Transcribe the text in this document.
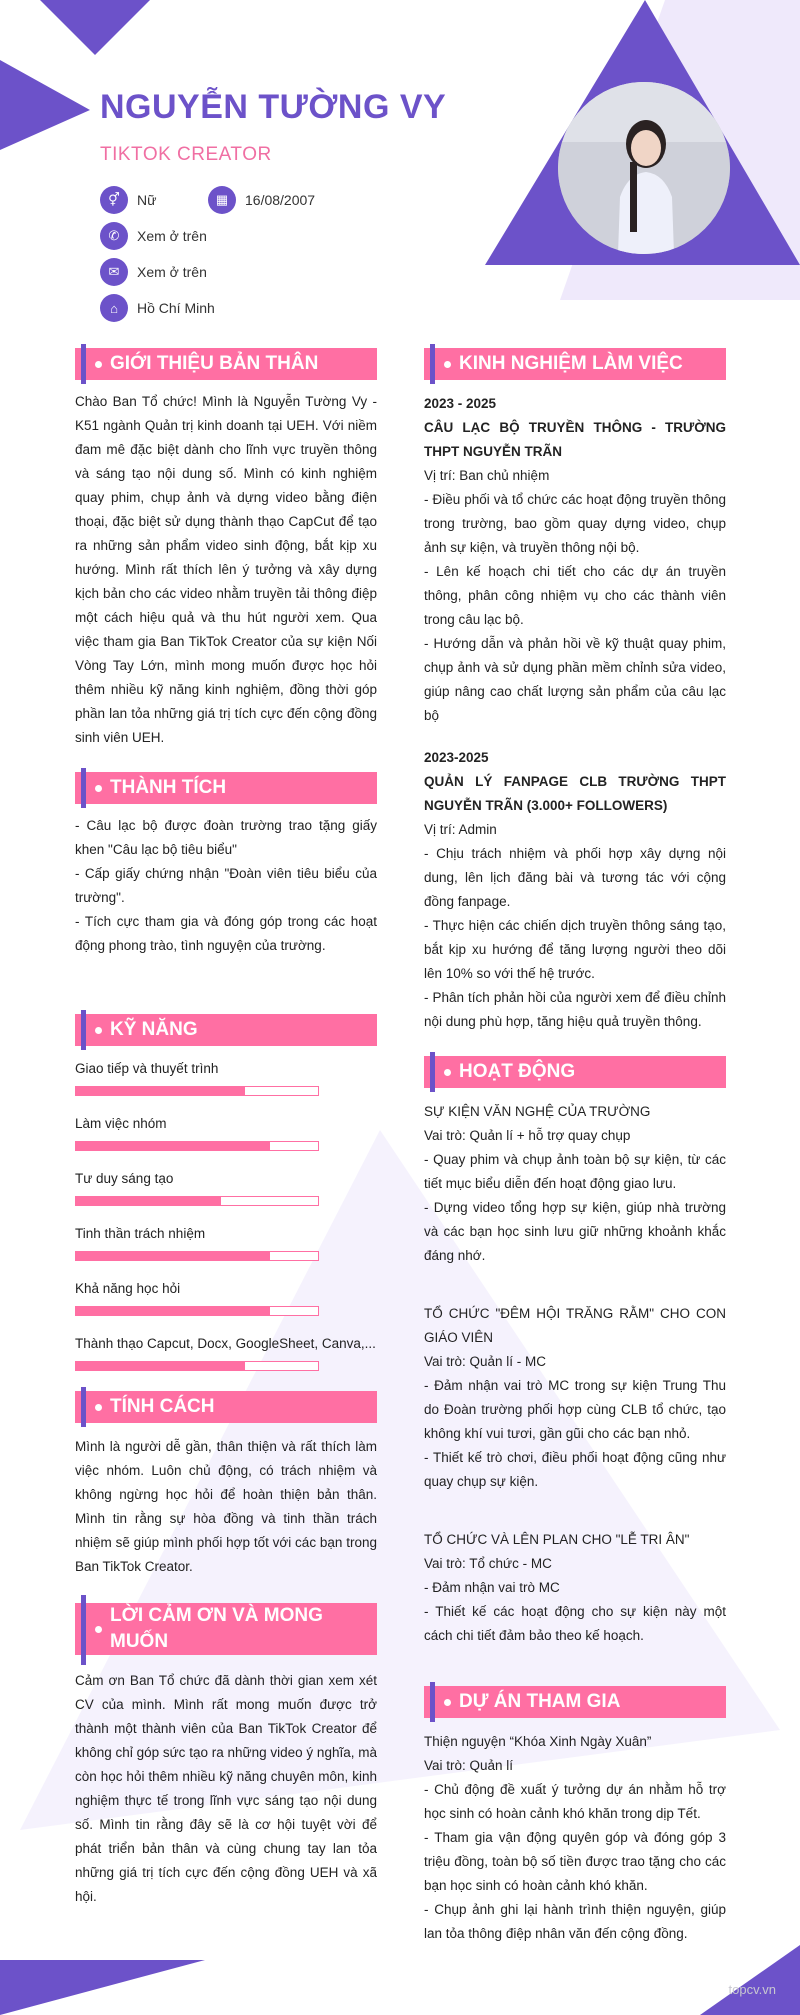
NGUYỄN TƯỜNG VY
TIKTOK CREATOR
⚥	Nữ	▦	16/08/2007
✆	Xem ở trên
✉	Xem ở trên
⌂	Hồ Chí Minh
GIỚI THIỆU BẢN THÂN
Chào Ban Tổ chức! Mình là Nguyễn Tường Vy - K51 ngành Quản trị kinh doanh tại UEH. Với niềm đam mê đặc biệt dành cho lĩnh vực truyền thông và sáng tạo nội dung số. Mình có kinh nghiệm quay phim, chụp ảnh và dựng video bằng điện thoại, đặc biệt sử dụng thành thạo CapCut để tạo ra những sản phẩm video sinh động, bắt kịp xu hướng. Mình rất thích lên ý tưởng và xây dựng kịch bản cho các video nhằm truyền tải thông điệp một cách hiệu quả và thu hút người xem. Qua việc tham gia Ban TikTok Creator của sự kiện Nối Vòng Tay Lớn, mình mong muốn được học hỏi thêm nhiều kỹ năng kinh nghiệm, đồng thời góp phần lan tỏa những giá trị tích cực đến cộng đồng sinh viên UEH.
THÀNH TÍCH

- Câu lạc bộ được đoàn trường trao tặng giấy khen "Câu lạc bộ tiêu biểu"

- Cấp giấy chứng nhận "Đoàn viên tiêu biểu của trường".

- Tích cực tham gia và đóng góp trong các hoạt động phong trào, tình nguyện của trường.

KỸ NĂNG
Giao tiếp và thuyết trình
Làm việc nhóm
Tư duy sáng tạo
Tinh thần trách nhiệm
Khả năng học hỏi
Thành thạo Capcut, Docx, GoogleSheet, Canva,...
TÍNH CÁCH
Mình là người dễ gần, thân thiện và rất thích làm việc nhóm. Luôn chủ động, có trách nhiệm và không ngừng học hỏi để hoàn thiện bản thân. Mình tin rằng sự hòa đồng và tinh thần trách nhiệm sẽ giúp mình phối hợp tốt với các bạn trong Ban TikTok Creator.
LỜI CẢM ƠN VÀ MONG MUỐN
Cảm ơn Ban Tổ chức đã dành thời gian xem xét CV của mình. Mình rất mong muốn được trở thành một thành viên của Ban TikTok Creator để không chỉ góp sức tạo ra những video ý nghĩa, mà còn học hỏi thêm nhiều kỹ năng chuyên môn, kinh nghiệm thực tế trong lĩnh vực sáng tạo nội dung số. Mình tin rằng đây sẽ là cơ hội tuyệt vời để phát triển bản thân và cùng chung tay lan tỏa những giá trị tích cực đến cộng đồng UEH và xã hội.
KINH NGHIỆM LÀM VIỆC

2023 - 2025

CÂU LẠC BỘ TRUYỀN THÔNG - TRƯỜNG THPT NGUYỄN TRÃN

Vị trí: Ban chủ nhiệm

- Điều phối và tổ chức các hoạt động truyền thông trong trường, bao gồm quay dựng video, chụp ảnh sự kiện, và truyền thông nội bộ.

- Lên kế hoạch chi tiết cho các dự án truyền thông, phân công nhiệm vụ cho các thành viên trong câu lạc bộ.

- Hướng dẫn và phản hồi về kỹ thuật quay phim, chụp ảnh và sử dụng phần mềm chỉnh sửa video, giúp nâng cao chất lượng sản phẩm của câu lạc bộ

2023-2025

QUẢN LÝ FANPAGE CLB TRƯỜNG THPT NGUYỄN TRÃN (3.000+ FOLLOWERS)

Vị trí: Admin

- Chịu trách nhiệm và phối hợp xây dựng nội dung, lên lịch đăng bài và tương tác với cộng đồng fanpage.

- Thực hiện các chiến dịch truyền thông sáng tạo, bắt kịp xu hướng để tăng lượng người theo dõi lên 10% so với thế hệ trước.

- Phân tích phản hồi của người xem để điều chỉnh nội dung phù hợp, tăng hiệu quả truyền thông.

HOẠT ĐỘNG

SỰ KIỆN VĂN NGHỆ CỦA TRƯỜNG

Vai trò: Quản lí + hỗ trợ quay chụp

- Quay phim và chụp ảnh toàn bộ sự kiện, từ các tiết mục biểu diễn đến hoạt động giao lưu.

- Dựng video tổng hợp sự kiện, giúp nhà trường và các bạn học sinh lưu giữ những khoảnh khắc đáng nhớ.

TỔ CHỨC "ĐÊM HỘI TRĂNG RẰM" CHO CON GIÁO VIÊN

Vai trò: Quản lí - MC

- Đảm nhận vai trò MC trong sự kiện Trung Thu do Đoàn trường phối hợp cùng CLB tổ chức, tạo không khí vui tươi, gần gũi cho các bạn nhỏ.

- Thiết kế trò chơi, điều phối hoạt động cũng như quay chụp sự kiện.

TỔ CHỨC VÀ LÊN PLAN CHO "LỄ TRI ÂN"

Vai trò: Tổ chức - MC

- Đảm nhận vai trò MC

- Thiết kế các hoạt động cho sự kiện này một cách chi tiết đảm bảo theo kế hoạch.

DỰ ÁN THAM GIA

Thiện nguyện “Khóa Xinh Ngày Xuân”

Vai trò: Quản lí

- Chủ động đề xuất ý tưởng dự án nhằm hỗ trợ học sinh có hoàn cảnh khó khăn trong dịp Tết.

- Tham gia vận động quyên góp và đóng góp 3 triệu đồng, toàn bộ số tiền được trao tặng cho các bạn học sinh có hoàn cảnh khó khăn.

- Chụp ảnh ghi lại hành trình thiện nguyện, giúp lan tỏa thông điệp nhân văn đến cộng đồng.

topcv.vn
